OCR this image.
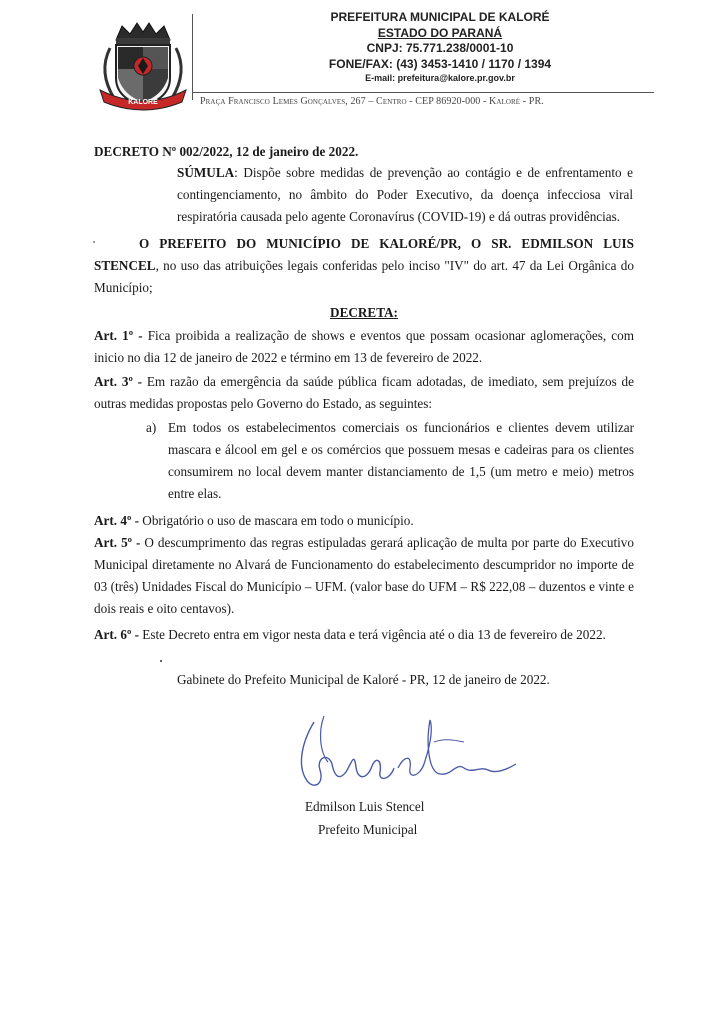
KALORÉ
PREFEITURA MUNICIPAL DE KALORÉ
ESTADO DO PARANÁ
CNPJ: 75.771.238/0001-10
FONE/FAX: (43) 3453-1410 / 1170 / 1394
E-mail: prefeitura@kalore.pr.gov.br
Praça Francisco Lemes Gonçalves, 267 – Centro - CEP 86920-000 - Kaloré - PR.
DECRETO Nº 002/2022, 12 de janeiro de 2022.
SÚMULA: Dispõe sobre medidas de prevenção ao contágio e de enfrentamento e contingenciamento, no âmbito do Poder Executivo, da doença infecciosa viral respiratória causada pelo agente Coronavírus (COVID-19) e dá outras providências.
O PREFEITO DO MUNICÍPIO DE KALORÉ/PR, O SR. EDMILSON LUIS STENCEL, no uso das atribuições legais conferidas pelo inciso "IV" do art. 47 da Lei Orgânica do Município;
DECRETA:
Art. 1º - Fica proibida a realização de shows e eventos que possam ocasionar aglomerações, com inicio no dia 12 de janeiro de 2022 e término em 13 de fevereiro de 2022.
Art. 3º - Em razão da emergência da saúde pública ficam adotadas, de imediato, sem prejuízos de outras medidas propostas pelo Governo do Estado, as seguintes:
a) Em todos os estabelecimentos comerciais os funcionários e clientes devem utilizar mascara e álcool em gel e os comércios que possuem mesas e cadeiras para os clientes consumirem no local devem manter distanciamento de 1,5 (um metro e meio) metros entre elas.
Art. 4º - Obrigatório o uso de mascara em todo o município.
Art. 5º - O descumprimento das regras estipuladas gerará aplicação de multa por parte do Executivo Municipal diretamente no Alvará de Funcionamento do estabelecimento descumpridor no importe de 03 (três) Unidades Fiscal do Município – UFM. (valor base do UFM – R$ 222,08 – duzentos e vinte e dois reais e oito centavos).
Art. 6º - Este Decreto entra em vigor nesta data e terá vigência até o dia 13 de fevereiro de 2022.
Gabinete do Prefeito Municipal de Kaloré - PR, 12 de janeiro de 2022.
Edmilson Luis Stencel
Prefeito Municipal
